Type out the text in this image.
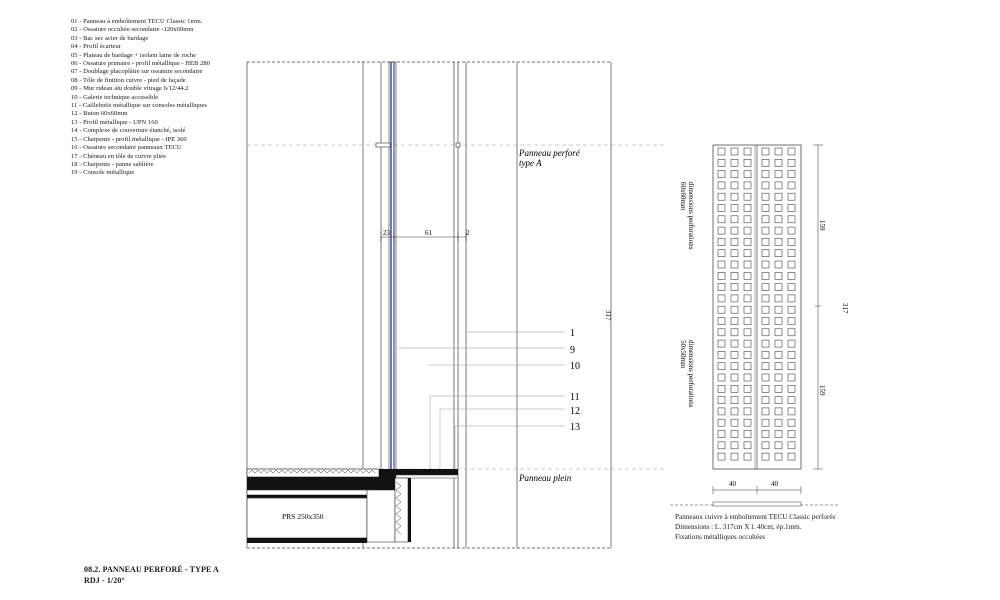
01 - Panneau à emboîtement TECU Classic 1mm.
02 - Ossature occultée secondaire -120x60mm
03 - Bac sec acier de bardage
04 - Profil écarteur
05 - Plateau de bardage + isolant laine de roche
06 - Ossature primaire - profil métallique - HEB 280
07 - Doublage placoplâtre sur ossature secondaire
08 - Tôle de finition cuivre - pied de façade
09 - Mur rideau alu double vitrage 6/12/44.2
10 - Galerie technique accessible
11 - Caillebotis métallique sur consoles métalliques
12 - Buton 60x60mm
13 - Profil métallique - UPN 160
14 - Complexe de couverture étanché, isolé
15 - Charpente - profil métallique - IPE 360
16 - Ossature secondaire panneaux TECU
17 - Chéneau en tôle de cuivre pliée
18 - Charpente - panne sablière
19 - Console métallique
23	61	2
317
Panneau perforé
type A
Panneau plein
1
9
10
11
12
13
PRS 250x350
159
159
317
40	40
dimensions perforations
60x60mm
dimensions perforations
50x50mm
Panneaux cuivre à emboîtement TECU Classic perforés
Dimensions : L. 317cm X l. 40cm, ép.1mm.
Fixations métalliques occultées
08.2. PANNEAU PERFORÉ - TYPE A
RDJ - 1/20°
